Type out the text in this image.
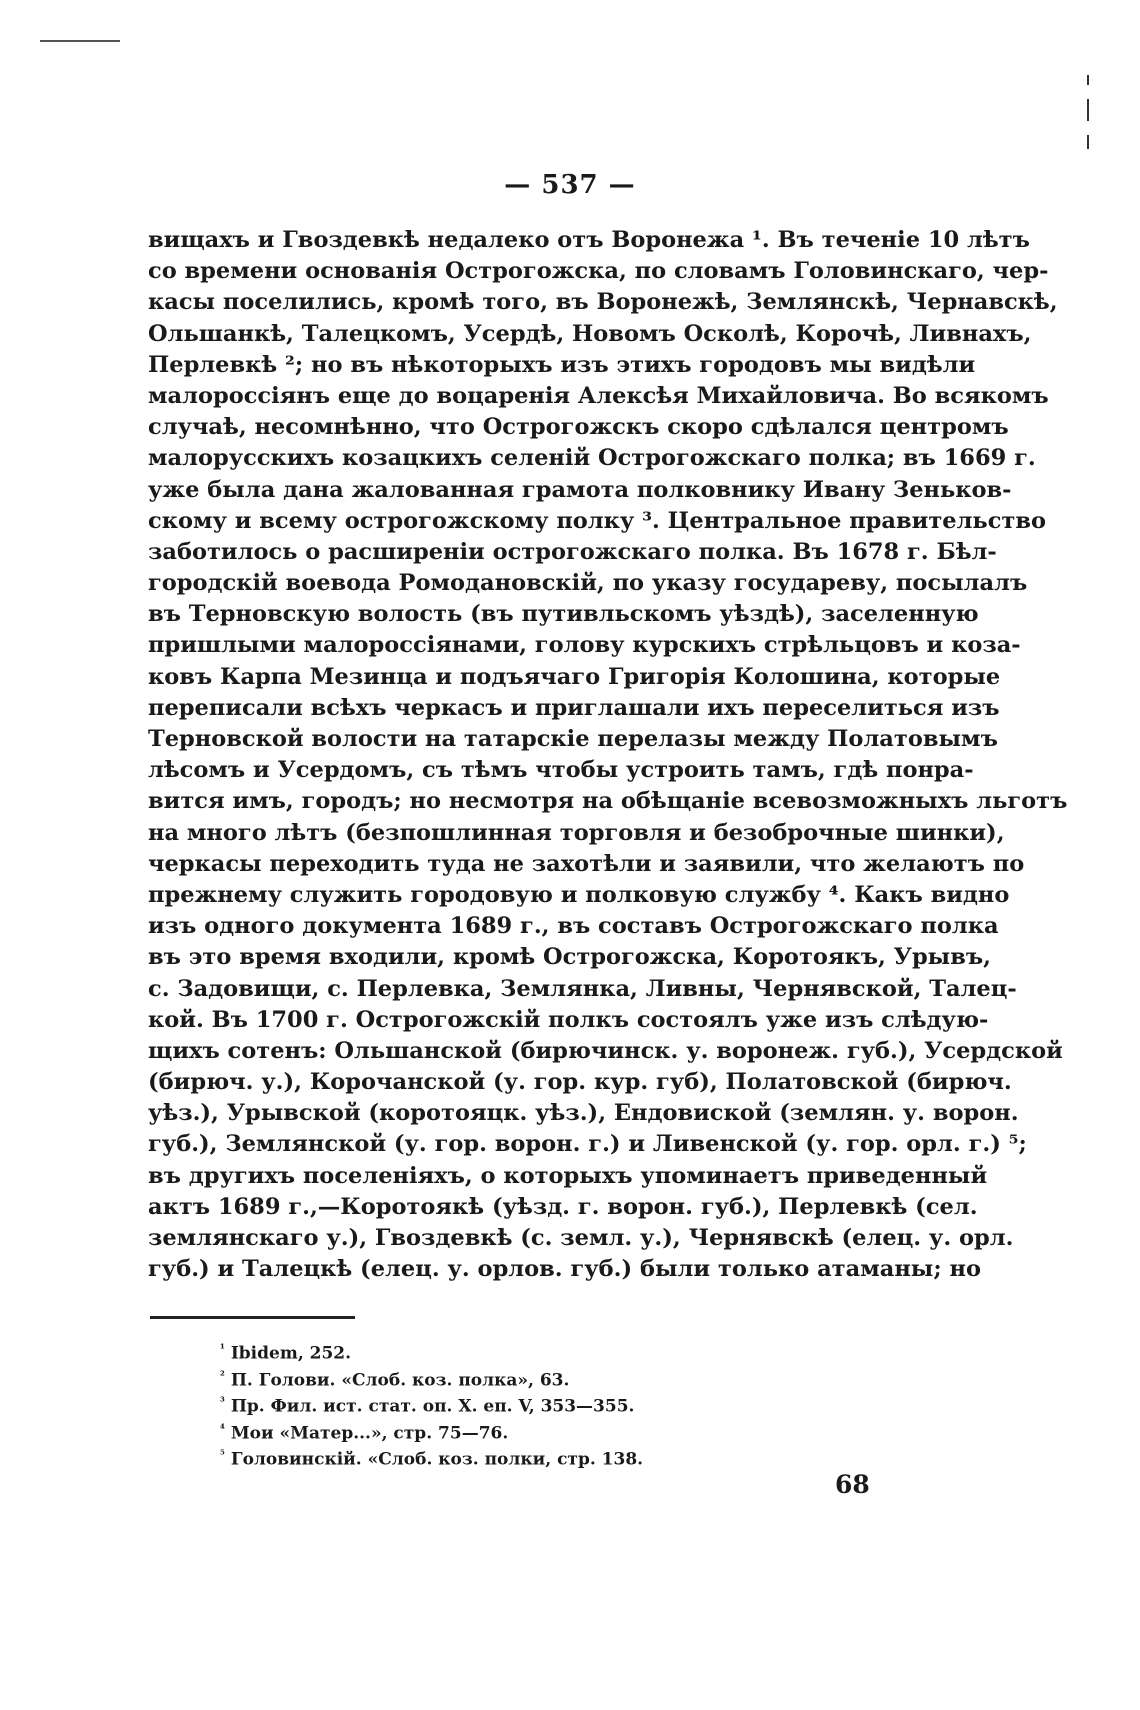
— 537 —
вищахъ и Гвоздевкѣ недалеко отъ Воронежа ¹. Въ теченіе 10 лѣтъ
со времени основанія Острогожска, по словамъ Головинскаго, чер-
касы поселились, кромѣ того, въ Воронежѣ, Землянскѣ, Чернавскѣ,
Ольшанкѣ, Талецкомъ, Усердѣ, Новомъ Осколѣ, Корочѣ, Ливнахъ,
Перлевкѣ ²; но въ нѣкоторыхъ изъ этихъ городовъ мы видѣли
малороссіянъ еще до воцаренія Алексѣя Михайловича. Во всякомъ
случаѣ, несомнѣнно, что Острогожскъ скоро сдѣлался центромъ
малорусскихъ козацкихъ селеній Острогожскаго полка; въ 1669 г.
уже была дана жалованная грамота полковнику Ивану Зеньков-
скому и всему острогожскому полку ³. Центральное правительство
заботилось о расширеніи острогожскаго полка. Въ 1678 г. Бѣл-
городскій воевода Ромодановскій, по указу государеву, посылалъ
въ Терновскую волость (въ путивльскомъ уѣздѣ), заселенную
пришлыми малороссіянами, голову курскихъ стрѣльцовъ и коза-
ковъ Карпа Мезинца и подъячаго Григорія Колошина, которые
переписали всѣхъ черкасъ и приглашали ихъ переселиться изъ
Терновской волости на татарскіе перелазы между Полатовымъ
лѣсомъ и Усердомъ, съ тѣмъ чтобы устроить тамъ, гдѣ понра-
вится имъ, городъ; но несмотря на обѣщаніе всевозможныхъ льготъ
на много лѣтъ (безпошлинная торговля и безоброчные шинки),
черкасы переходить туда не захотѣли и заявили, что желаютъ по
прежнему служить городовую и полковую службу ⁴. Какъ видно
изъ одного документа 1689 г., въ составъ Острогожскаго полка
въ это время входили, кромѣ Острогожска, Коротоякъ, Урывъ,
с. Задовищи, с. Перлевка, Землянка, Ливны, Чернявской, Талец-
кой. Въ 1700 г. Острогожскій полкъ состоялъ уже изъ слѣдую-
щихъ сотенъ: Ольшанской (бирючинск. у. воронеж. губ.), Усердской
(бирюч. у.), Корочанской (у. гор. кур. губ), Полатовской (бирюч.
уѣз.), Урывской (коротояцк. уѣз.), Ендовиской (землян. у. ворон.
губ.), Землянской (у. гор. ворон. г.) и Ливенской (у. гор. орл. г.) ⁵;
въ другихъ поселеніяхъ, о которыхъ упоминаетъ приведенный
актъ 1689 г.,—Коротоякѣ (уѣзд. г. ворон. губ.), Перлевкѣ (сел.
землянскаго у.), Гвоздевкѣ (с. земл. у.), Чернявскѣ (елец. у. орл.
губ.) и Талецкѣ (елец. у. орлов. губ.) были только атаманы; но
$^{^1}$ Ibidem, 252.
$^{^2}$ П. Голови. «Слоб. коз. полка», 63.
$^{^3}$ Пр. Фил. ист. стат. оп. X. еп. V, 353—355.
$^{^4}$ Мои «Матер...», стр. 75—76.
$^{^5}$ Головинскій. «Слоб. коз. полки, стр. 138.
68
